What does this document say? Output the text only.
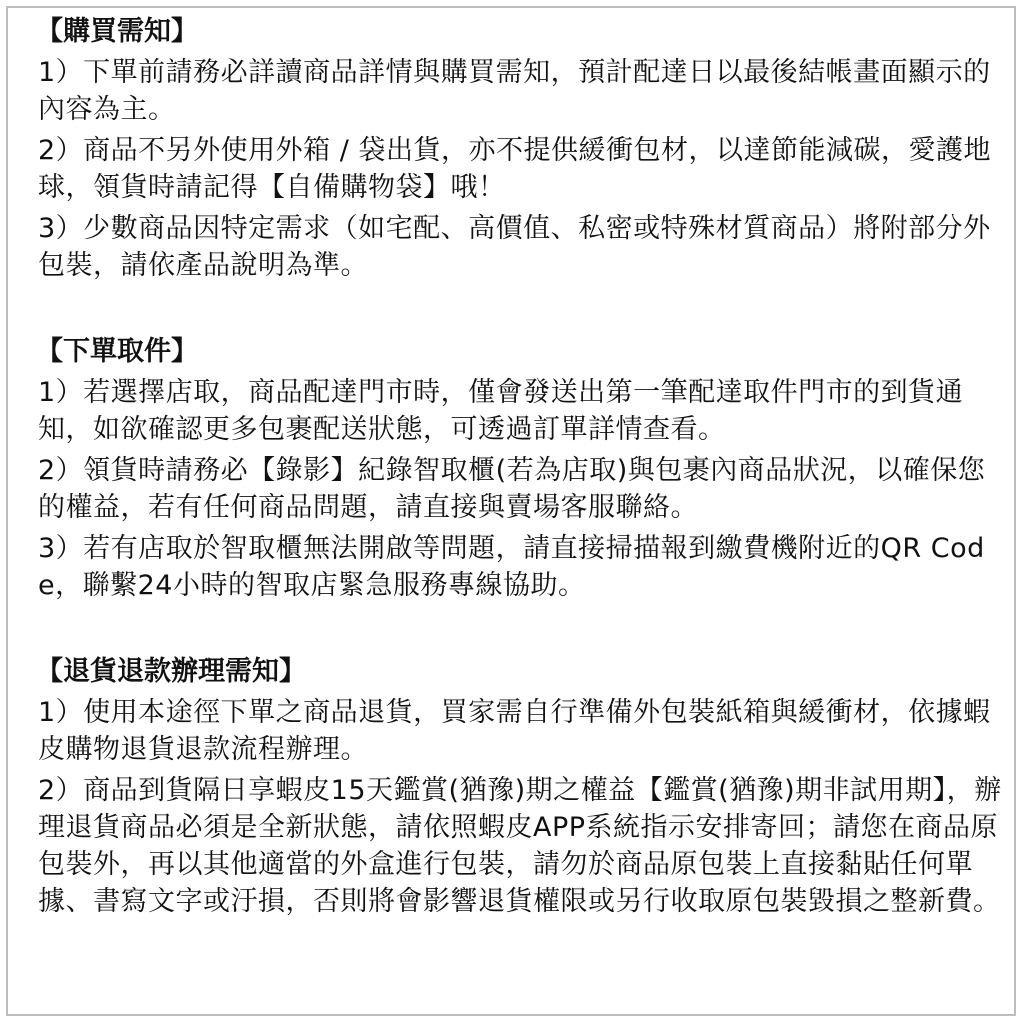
【購買需知】

1）下單前請務必詳讀商品詳情與購買需知，預計配達日以最後結帳畫面顯示的內容為主。

2）商品不另外使用外箱 / 袋出貨，亦不提供緩衝包材，以達節能減碳，愛護地球，領貨時請記得【自備購物袋】哦！

3）少數商品因特定需求（如宅配、高價值、私密或特殊材質商品）將附部分外包裝，請依產品說明為準。

【下單取件】

1）若選擇店取，商品配達門市時，僅會發送出第一筆配達取件門市的到貨通知，如欲確認更多包裹配送狀態，可透過訂單詳情查看。

2）領貨時請務必【錄影】紀錄智取櫃(若為店取)與包裹內商品狀況，以確保您的權益，若有任何商品問題，請直接與賣場客服聯絡。

3）若有店取於智取櫃無法開啟等問題，請直接掃描報到繳費機附近的QR Code，聯繫24小時的智取店緊急服務專線協助。

【退貨退款辦理需知】

1）使用本途徑下單之商品退貨，買家需自行準備外包裝紙箱與緩衝材，依據蝦皮購物退貨退款流程辦理。

2）商品到貨隔日享蝦皮15天鑑賞(猶豫)期之權益【鑑賞(猶豫)期非試用期】，辦理退貨商品必須是全新狀態，請依照蝦皮APP系統指示安排寄回；請您在商品原包裝外，再以其他適當的外盒進行包裝，請勿於商品原包裝上直接黏貼任何單據、書寫文字或汙損，否則將會影響退貨權限或另行收取原包裝毀損之整新費。
